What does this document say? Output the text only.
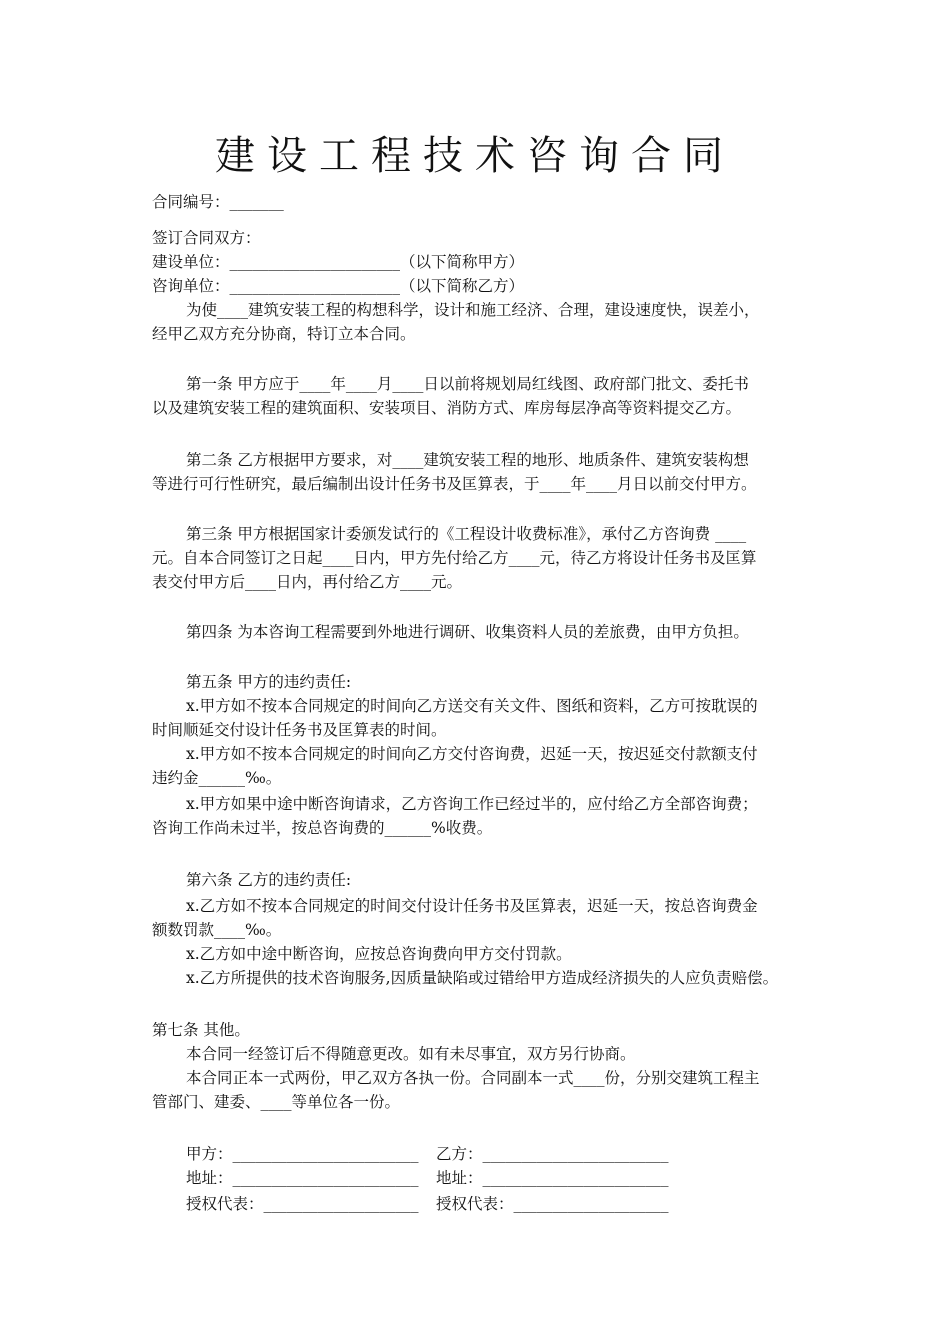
建设工程技术咨询合同
合同编号：_______
签订合同双方：
建设单位：______________________（以下简称甲方）
咨询单位：______________________（以下简称乙方）
为使____建筑安装工程的构想科学，设计和施工经济、合理，建设速度快，误差小，
经甲乙双方充分协商，特订立本合同。
第一条 甲方应于____年____月____日以前将规划局红线图、政府部门批文、委托书
以及建筑安装工程的建筑面积、安装项目、消防方式、库房每层净高等资料提交乙方。
第二条 乙方根据甲方要求，对____建筑安装工程的地形、地质条件、建筑安装构想
等进行可行性研究，最后编制出设计任务书及匡算表，于____年____月日以前交付甲方。
第三条 甲方根据国家计委颁发试行的《工程设计收费标准》，承付乙方咨询费 ____
元。自本合同签订之日起____日内，甲方先付给乙方____元，待乙方将设计任务书及匡算
表交付甲方后____日内，再付给乙方____元。
第四条 为本咨询工程需要到外地进行调研、收集资料人员的差旅费，由甲方负担。
第五条 甲方的违约责任:
x.甲方如不按本合同规定的时间向乙方送交有关文件、图纸和资料，乙方可按耽误的
时间顺延交付设计任务书及匡算表的时间。
x.甲方如不按本合同规定的时间向乙方交付咨询费，迟延一天，按迟延交付款额支付
违约金______‰。
x.甲方如果中途中断咨询请求，乙方咨询工作已经过半的，应付给乙方全部咨询费；
咨询工作尚未过半，按总咨询费的______%收费。
第六条 乙方的违约责任:
x.乙方如不按本合同规定的时间交付设计任务书及匡算表，迟延一天，按总咨询费金
额数罚款____‰。
x.乙方如中途中断咨询，应按总咨询费向甲方交付罚款。
x.乙方所提供的技术咨询服务,因质量缺陷或过错给甲方造成经济损失的人应负责赔偿。
第七条 其他。
本合同一经签订后不得随意更改。如有未尽事宜，双方另行协商。
本合同正本一式两份，甲乙双方各执一份。合同副本一式____份，分别交建筑工程主
管部门、建委、____等单位各一份。
甲方：________________________ 乙方：________________________
地址：________________________ 地址：________________________
授权代表：____________________ 授权代表：____________________
